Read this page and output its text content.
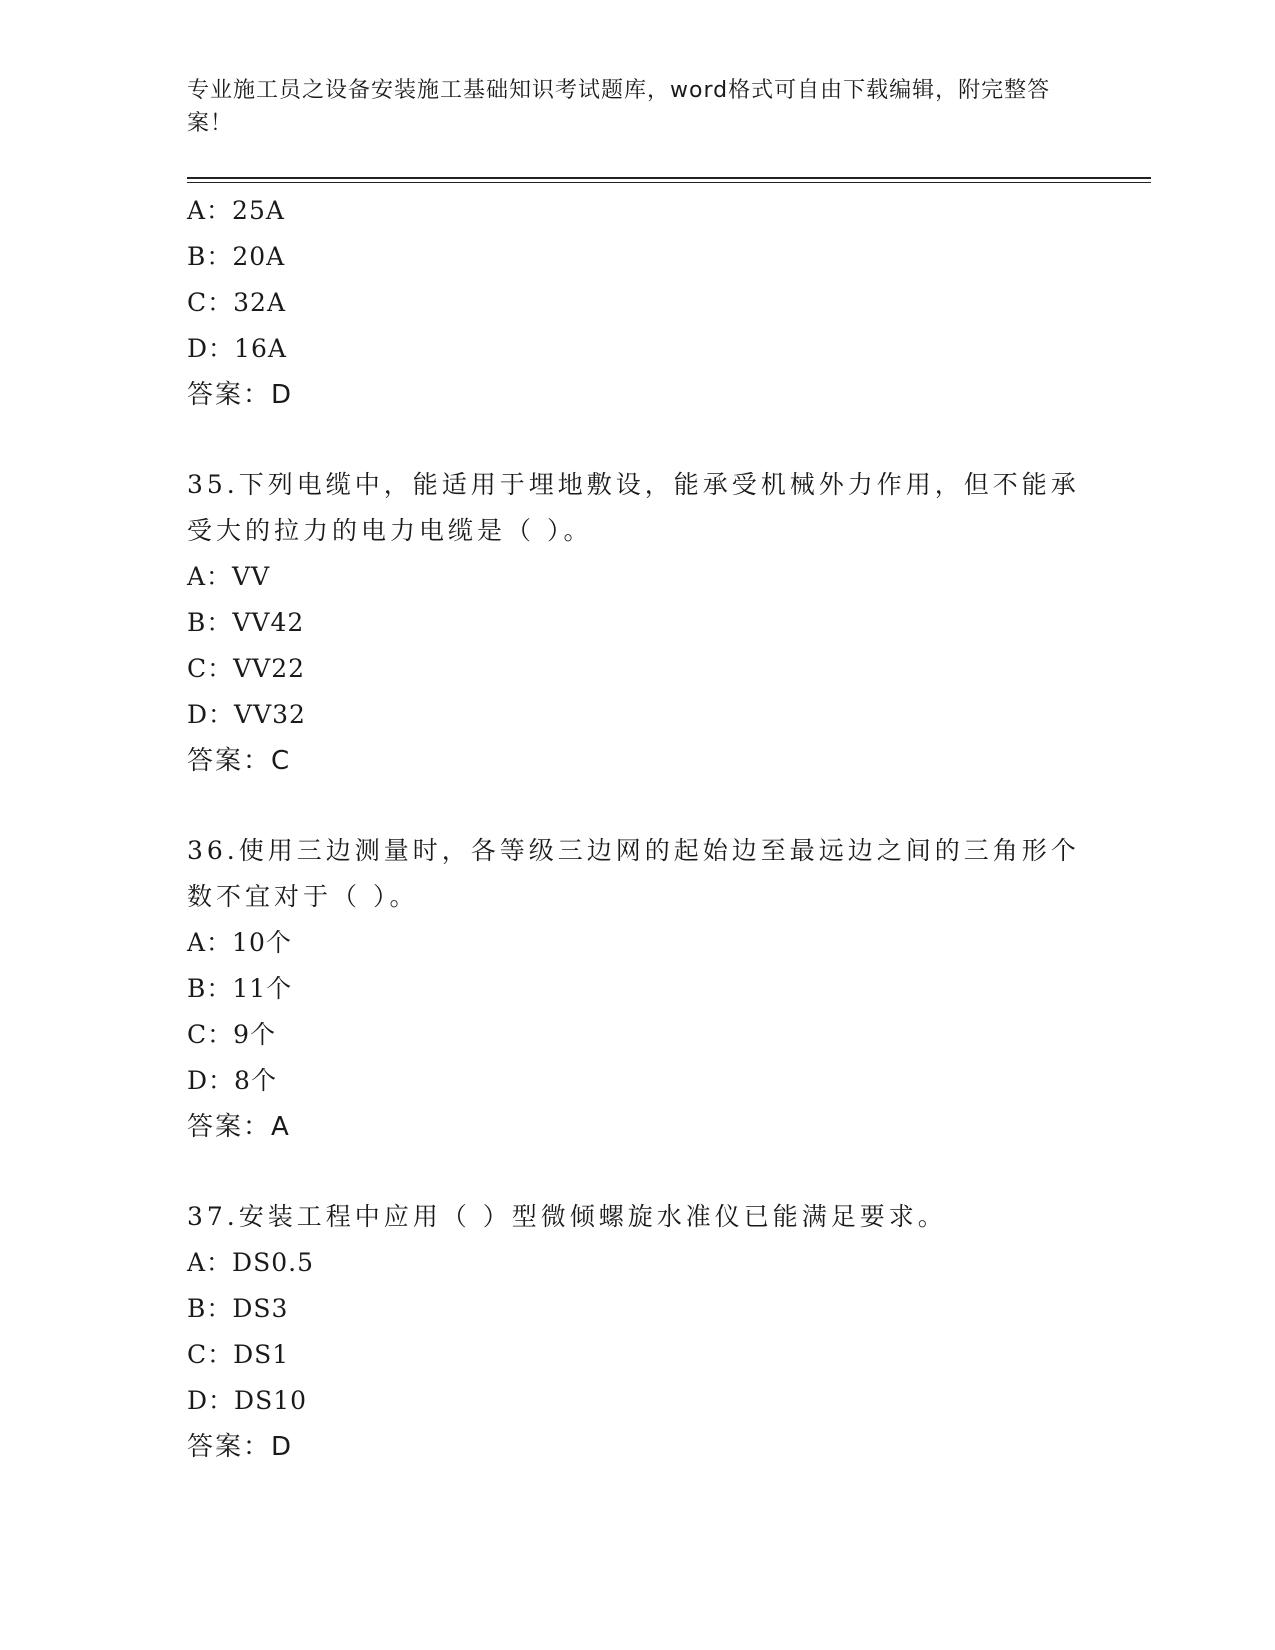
专业施工员之设备安装施工基础知识考试题库，word格式可自由下载编辑，附完整答案！
A：25A
B：20A
C：32A
D：16A
答案：D
35.下列电缆中，能适用于埋地敷设，能承受机械外力作用，但不能承受大的拉力的电力电缆是（ ）。
A：VV
B：VV42
C：VV22
D：VV32
答案：C
36.使用三边测量时，各等级三边网的起始边至最远边之间的三角形个数不宜对于（ ）。
A：10个
B：11个
C：9个
D：8个
答案：A
37.安装工程中应用（ ）型微倾螺旋水准仪已能满足要求。
A：DS0.5
B：DS3
C：DS1
D：DS10
答案：D
